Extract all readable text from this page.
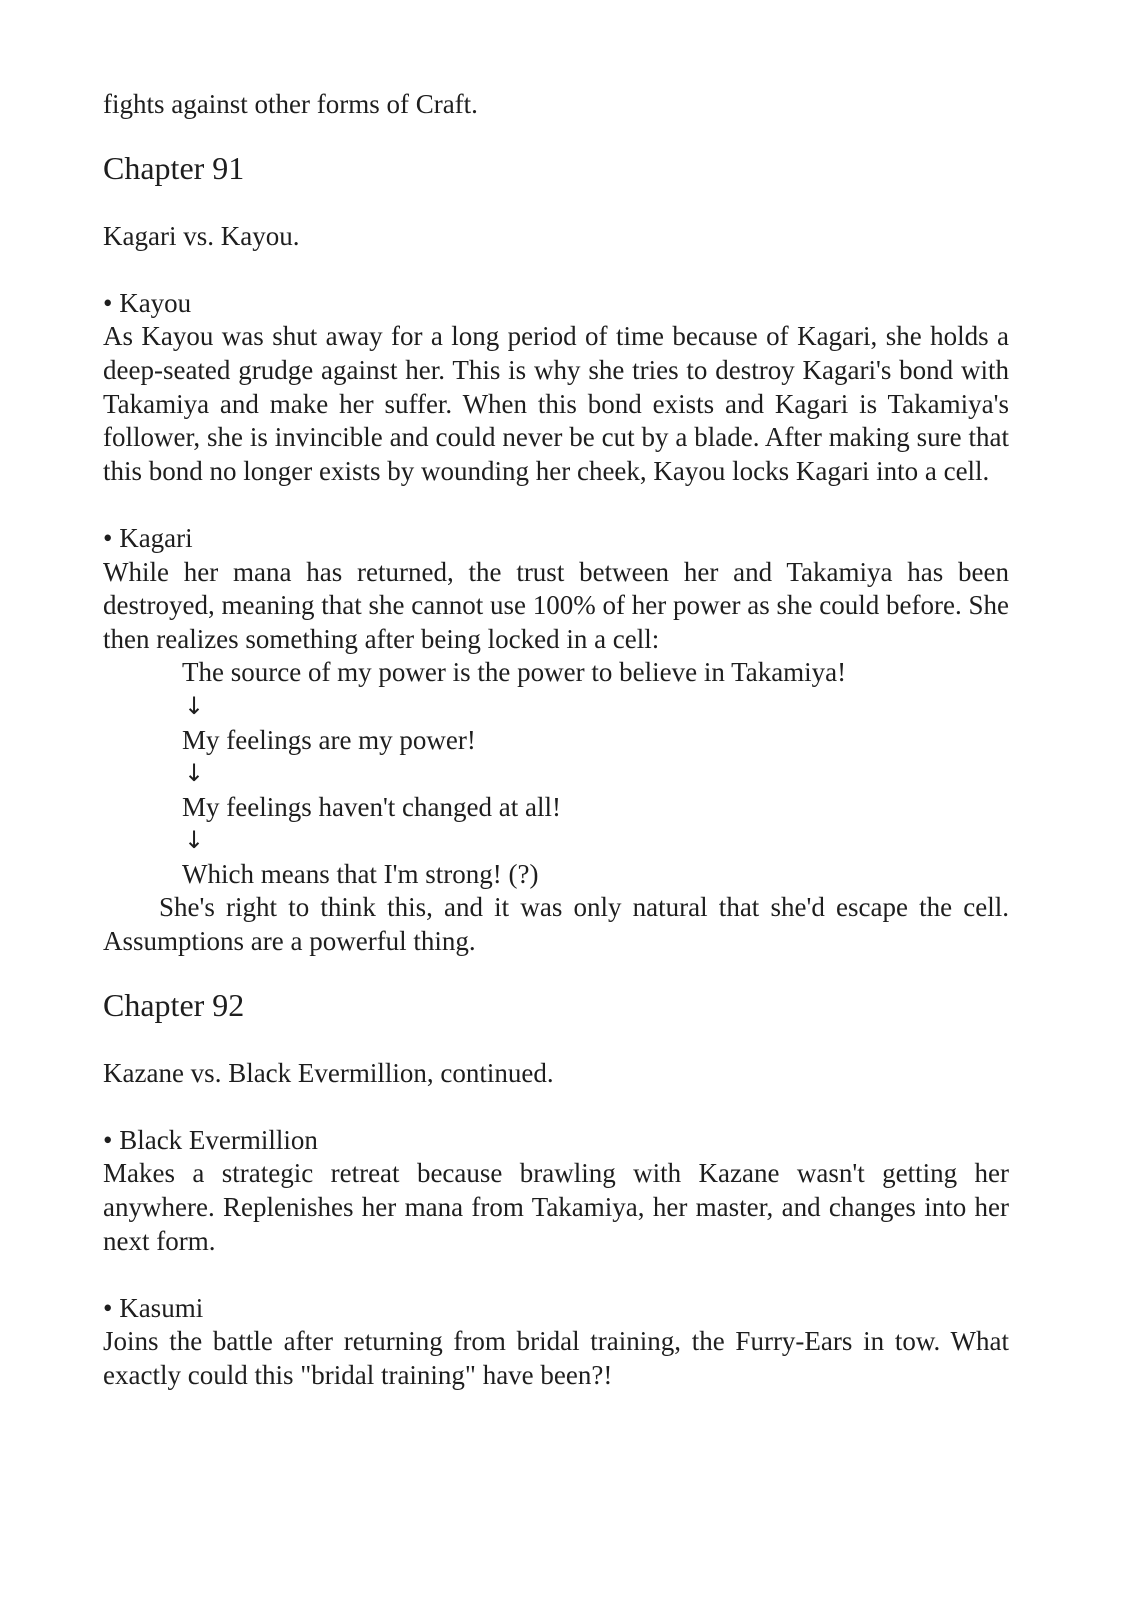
fights against other forms of Craft.

Chapter 91

Kagari vs. Kayou.

• Kayou

As Kayou was shut away for a long period of time because of Kagari, she holds a deep-seated grudge against her. This is why she tries to destroy Kagari's bond with Takamiya and make her suffer. When this bond exists and Kagari is Takamiya's follower, she is invincible and could never be cut by a blade. After making sure that this bond no longer exists by wounding her cheek, Kayou locks Kagari into a cell.

• Kagari

While her mana has returned, the trust between her and Takamiya has been destroyed, meaning that she cannot use 100% of her power as she could before. She then realizes something after being locked in a cell:

The source of my power is the power to believe in Takamiya!

↓

My feelings are my power!

↓

My feelings haven't changed at all!

↓

Which means that I'm strong! (?)

She's right to think this, and it was only natural that she'd escape the cell. Assumptions are a powerful thing.

Chapter 92

Kazane vs. Black Evermillion, continued.

• Black Evermillion

Makes a strategic retreat because brawling with Kazane wasn't getting her anywhere. Replenishes her mana from Takamiya, her master, and changes into her next form.

• Kasumi

Joins the battle after returning from bridal training, the Furry-Ears in tow. What exactly could this "bridal training" have been?!
